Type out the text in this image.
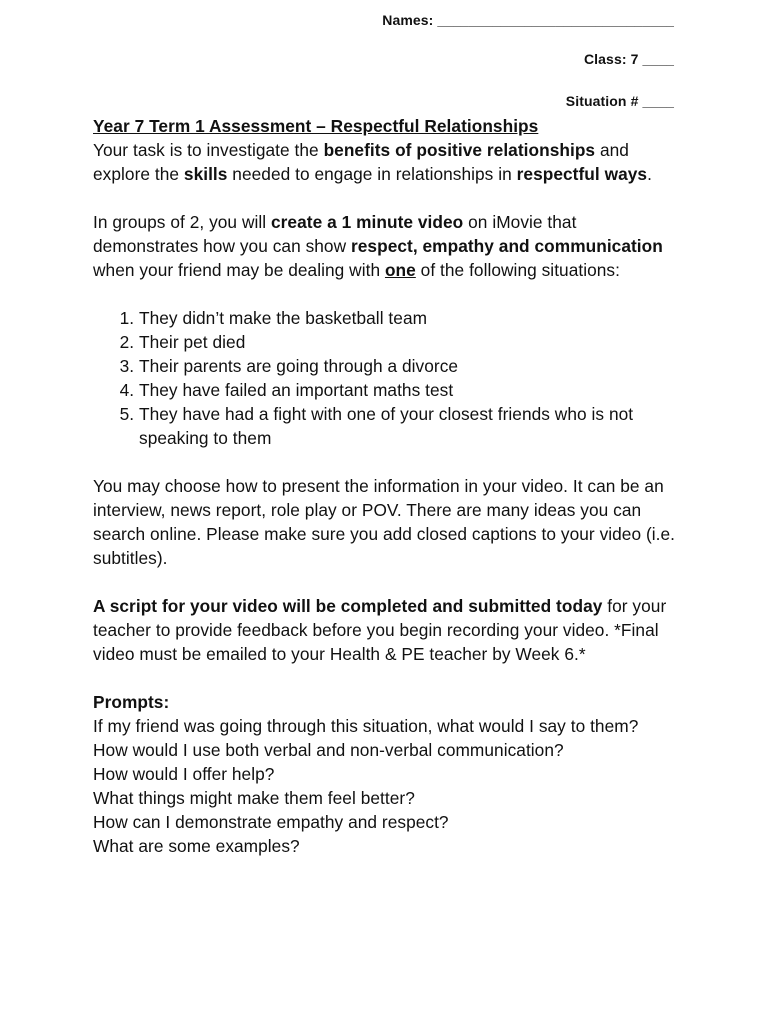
Names: ______________________________
Class: 7 ____
Situation # ____

Year 7 Term 1 Assessment – Respectful Relationships

Your task is to investigate the benefits of positive relationships and explore the skills needed to engage in relationships in respectful ways.

In groups of 2, you will create a 1 minute video on iMovie that demonstrates how you can show respect, empathy and communication when your friend may be dealing with one of the following situations:

1. They didn’t make the basketball team
2. Their pet died
3. Their parents are going through a divorce
4. They have failed an important maths test
5. They have had a fight with one of your closest friends who is not speaking to them

You may choose how to present the information in your video. It can be an interview, news report, role play or POV. There are many ideas you can search online. Please make sure you add closed captions to your video (i.e. subtitles).

A script for your video will be completed and submitted today for your teacher to provide feedback before you begin recording your video. *Final video must be emailed to your Health & PE teacher by Week 6.*

Prompts:

If my friend was going through this situation, what would I say to them?

How would I use both verbal and non-verbal communication?

How would I offer help?

What things might make them feel better?

How can I demonstrate empathy and respect?

What are some examples?
